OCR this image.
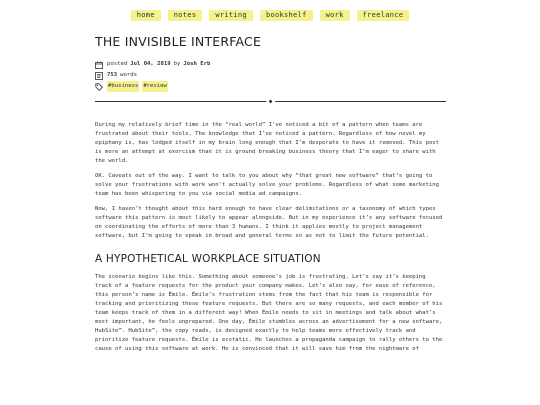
home	notes	writing	bookshelf	work	freelance
THE INVISIBLE INTERFACE
posted Jul 04, 2019 by Josh Erb
753 words
#business #review
◆

During my relatively brief time in the “real world” I’ve noticed a bit of a pattern when teams are frustrated about their tools. The knowledge that I’ve noticed a pattern. Regardless of how novel my epiphany is, has lodged itself in my brain long enough that I’m desperate to have it removed. This post is more an attempt at exorcism than it is ground breaking business theory that I’m eager to share with the world.

OK. Caveats out of the way. I want to talk to you about why “that great new software” that’s going to solve your frustrations with work won’t actually solve your problems. Regardless of what some marketing team has been whispering to you via social media ad campaigns.

Now, I haven’t thought about this hard enough to have clear delimitations or a taxonomy of which types software this pattern is most likely to appear alongside. But in my experience it’s any software focused on coordinating the efforts of more than 3 humans. I think it applies mostly to project management software, but I’m going to speak in broad and general terms so as not to limit the future potential.

A HYPOTHETICAL WORKPLACE SITUATION

The scenario begins like this. Something about someone’s job is frustrating. Let’s say it’s keeping track of a feature requests for the product your company makes. Let’s also say, for ease of reference, this person’s name is Émile. Émile’s frustration stems from the fact that his team is responsible for tracking and prioritizing these feature requests. But there are so many requests, and each member of his team keeps track of them in a different way! When Émile needs to sit in meetings and talk about what’s most important, he feels unprepared. One day, Émile stumbles across an advertisement for a new software, HubSite™. HubSite™, the copy reads, is designed exactly to help teams more effectively track and prioritize feature requests. Émile is ecstatic. He launches a propaganda campaign to rally others to the cause of using this software at work. He is convinced that it will save him from the nightmare of
